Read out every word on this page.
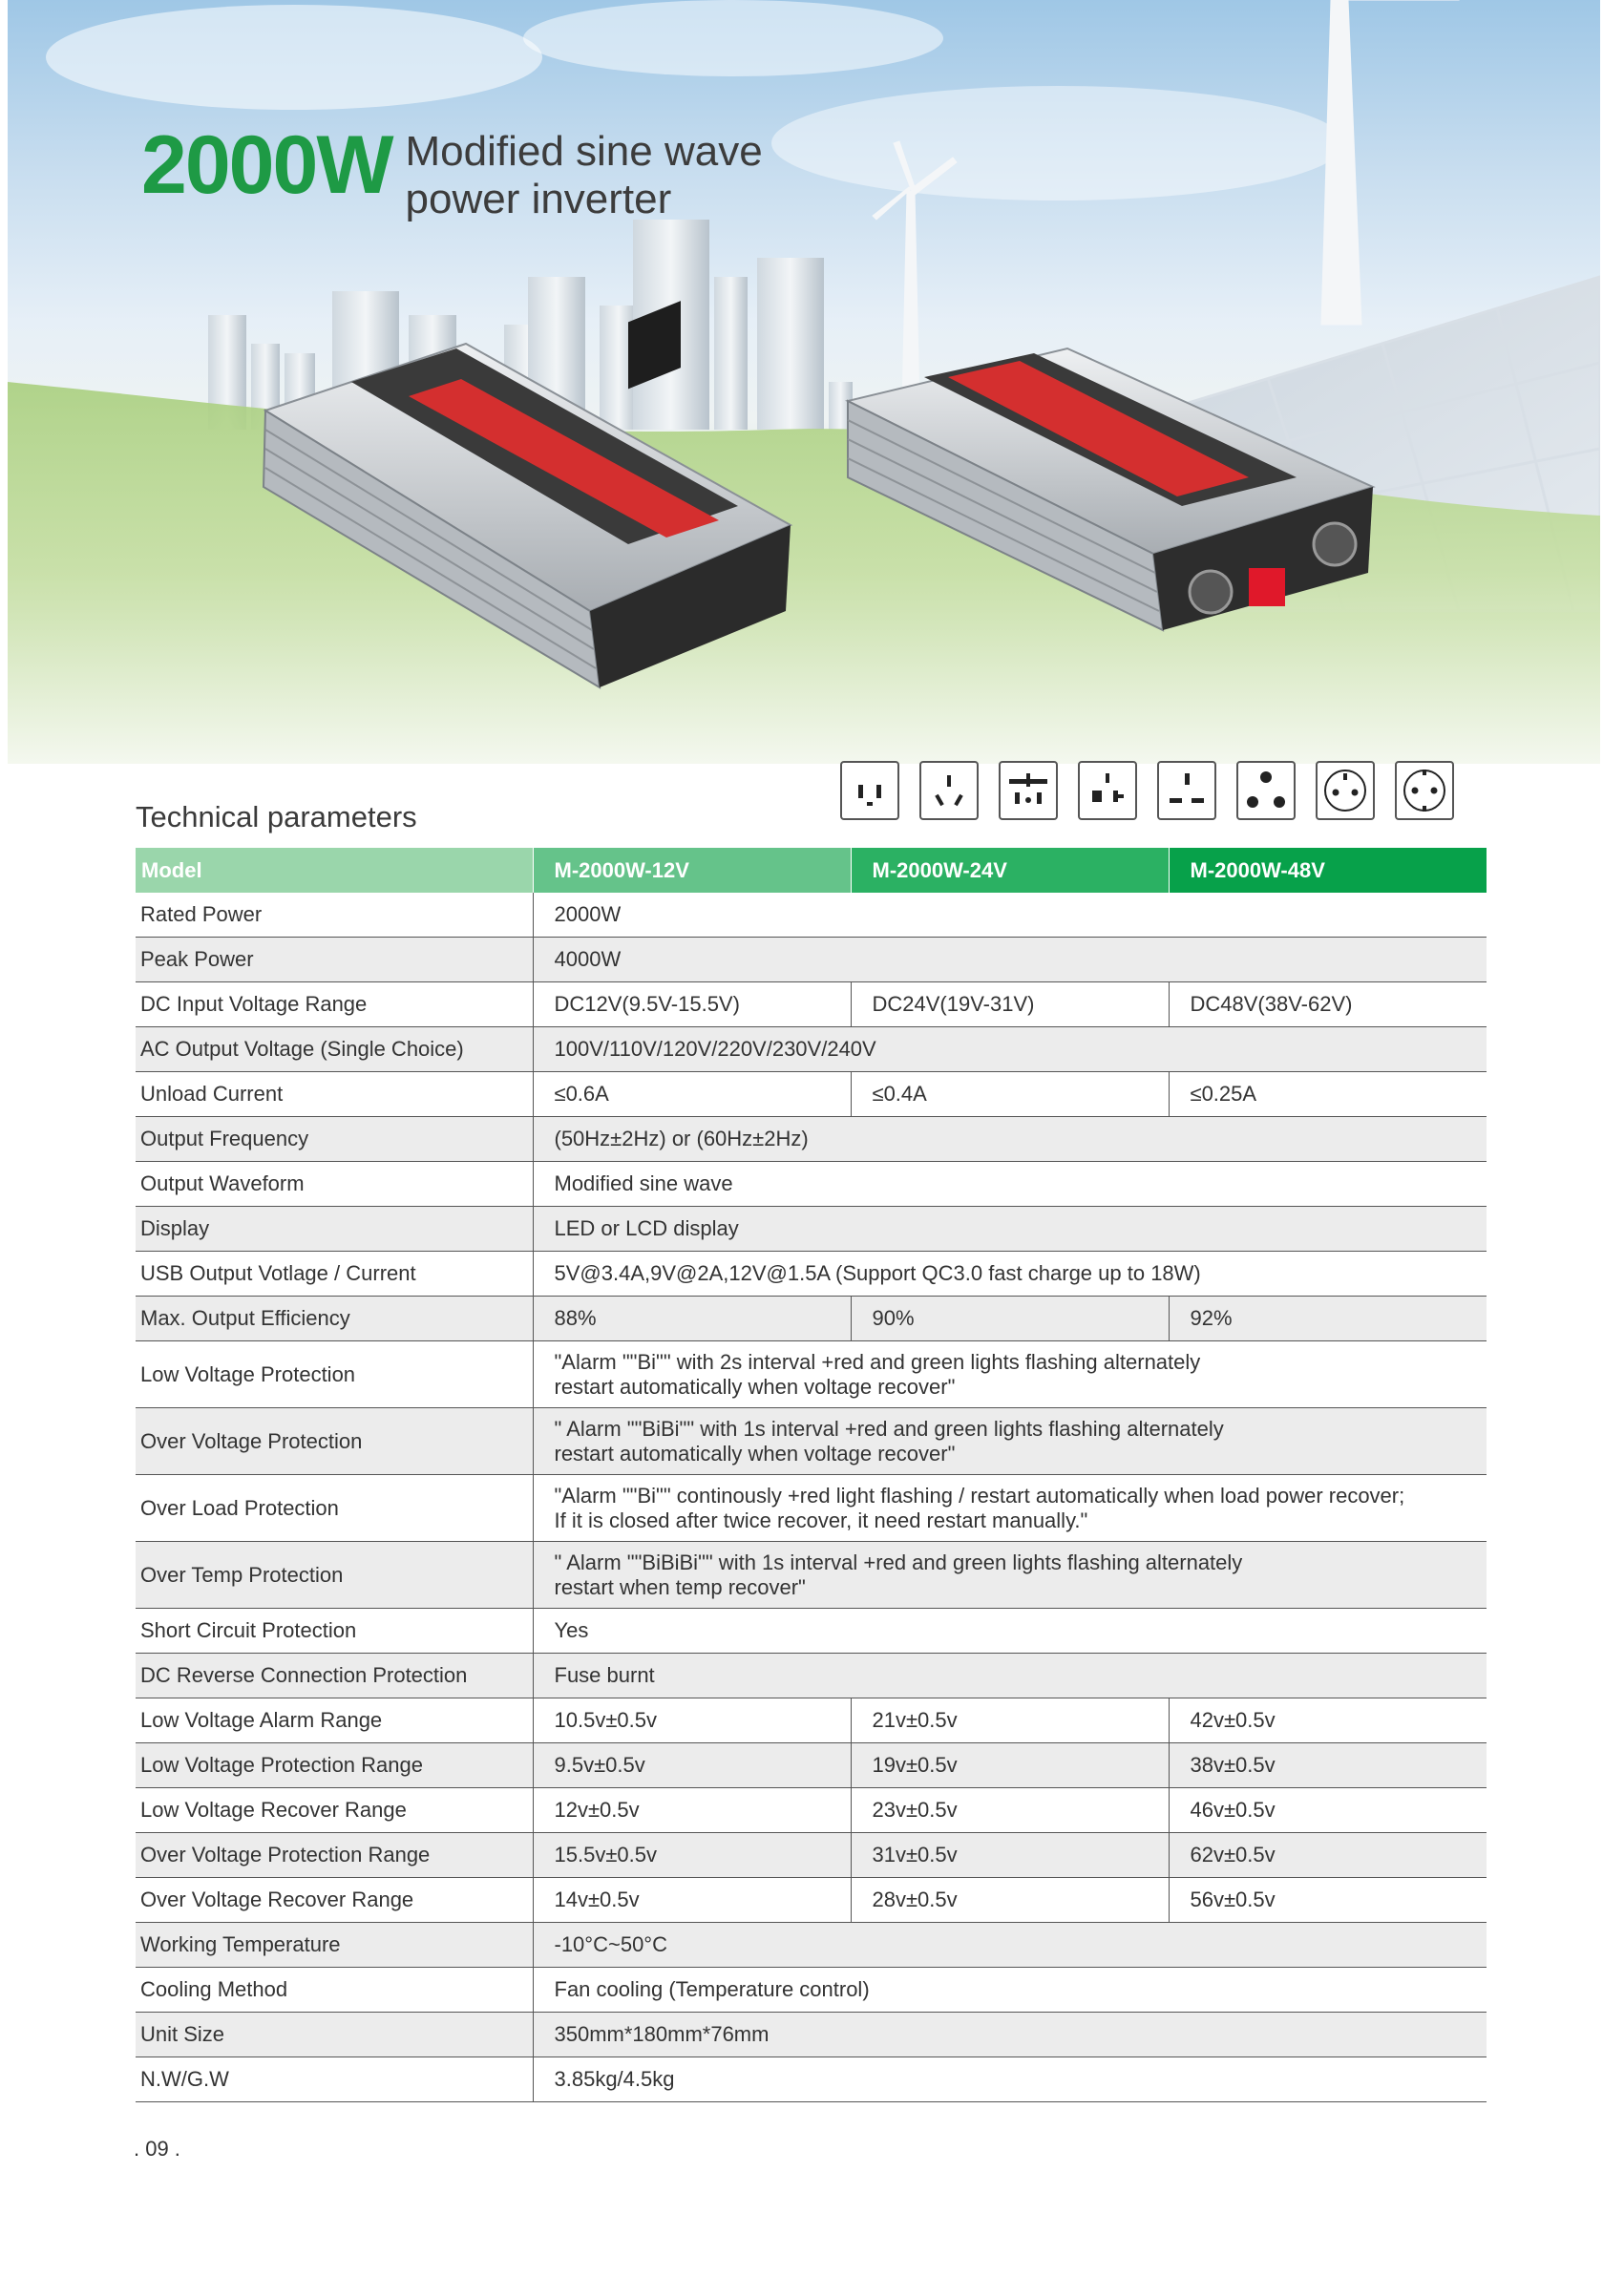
2000W Modified sine wave
power inverter
Technical parameters
Model	M-2000W-12V	M-2000W-24V	M-2000W-48V
Rated Power	2000W		
Peak Power	4000W		
DC Input Voltage Range	DC12V(9.5V-15.5V)	DC24V(19V-31V)	DC48V(38V-62V)
AC Output Voltage (Single Choice)	100V/110V/120V/220V/230V/240V		
Unload Current	≤0.6A	≤0.4A	≤0.25A
Output Frequency	(50Hz±2Hz) or (60Hz±2Hz)		
Output Waveform	Modified sine wave		
Display	LED or LCD display		
USB Output Votlage / Current	5V@3.4A,9V@2A,12V@1.5A (Support QC3.0 fast charge up to 18W)		
Max. Output Efficiency	88%	90%	92%
Low Voltage Protection	"Alarm ""Bi"" with 2s interval +red and green lights flashing alternately
restart automatically when voltage recover"		

Over Voltage Protection	" Alarm ""BiBi"" with 1s interval +red and green lights flashing alternately
restart automatically when voltage recover"		

Over Load Protection	"Alarm ""Bi"" continously +red light flashing / restart automatically when load power recover;
If it is closed after twice recover, it need restart manually."		

Over Temp Protection	" Alarm ""BiBiBi"" with 1s interval +red and green lights flashing alternately
restart when temp recover"		

Short Circuit Protection	Yes		
DC Reverse Connection Protection	Fuse burnt		
Low Voltage Alarm Range	10.5v±0.5v	21v±0.5v	42v±0.5v
Low Voltage Protection Range	9.5v±0.5v	19v±0.5v	38v±0.5v
Low Voltage Recover Range	12v±0.5v	23v±0.5v	46v±0.5v
Over Voltage Protection Range	15.5v±0.5v	31v±0.5v	62v±0.5v
Over Voltage Recover Range	14v±0.5v	28v±0.5v	56v±0.5v
Working Temperature	-10°C~50°C		
Cooling Method	Fan cooling (Temperature control)		
Unit Size	350mm*180mm*76mm		
N.W/G.W	3.85kg/4.5kg		
. 09 .
